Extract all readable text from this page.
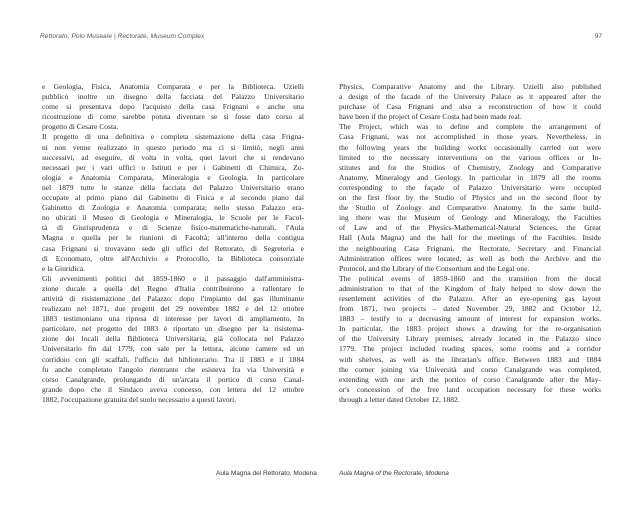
Rettorato, Polo Museale | Rectorate, Museum Complex	97
e Geologia, Fisica, Anatomia Comparata e per la Biblioteca. Uzielli
pubblicò inoltre un disegno della facciata del Palazzo Universitario
come si presentava dopo l'acquisto della casa Frignani e anche una
ricostruzione di come sarebbe potuta diventare se si fosse dato corso al
progetto di Cesare Costa.
Il progetto di una definitiva e completa sistemazione della casa Frigna-
ni non venne realizzato in questo periodo ma ci si limitò, negli anni
successivi, ad eseguire, di volta in volta, quei lavori che si rendevano
necessari per i vari uffici o Istituti e per i Gabinetti di Chimica, Zo-
ologia e Anatomia Comparata, Mineralogia e Geologia. In particolare
nel 1879 tutte le stanze della facciata del Palazzo Universitario erano
occupate al primo piano dal Gabinetto di Fisica e al secondo piano dal
Gabinetto di Zoologia e Anatomia comparata; nello stesso Palazzo era-
no ubicati il Museo di Geologia e Mineralogia, le Scuole per le Facol-
tà di Giurisprudenza e di Scienze fisico-matematiche-naturali, l'Aula
Magna e quella per le riunioni di Facoltà; all'interno della contigua
casa Frignani si trovavano sede gli uffici del Rettorato, di Segreteria e
di Economato, oltre all'Archivio e Protocollo, la Biblioteca consorziale
e la Giuridica.
Gli avvenimenti politici del 1859-1860 e il passaggio dall'amministra-
zione ducale a quella del Regno d'Italia contribuirono a rallentare le
attività di risistemazione del Palazzo: dopo l'impianto del gas illuminante
realizzato nel 1871, due progetti del 29 novembre 1882 e del 12 ottobre
1883 testimoniano una ripresa di interesse per lavori di ampliamento. In
particolare, nel progetto del 1883 è riportato un disegno per la risistema-
zione dei locali della Biblioteca Universitaria, già collocata nel Palazzo
Universitario fin dal 1779, con sale per la lettura, alcune camere ed un
corridoio con gli scaffali, l'ufficio del bibliotecario. Tra il 1883 e il 1884
fu anche completato l'angolo rientrante che esisteva fra via Università e
corso Canalgrande, prolungando di un'arcata il portico di corso Canal-
grande dopo che il Sindaco aveva concesso, con lettera del 12 ottobre
1882, l'occupazione gratuita del suolo necessario a questi lavori.
Physics, Comparative Anatomy and the Library. Uzielli also published
a design of the facade of the University Palace as it appeared after the
purchase of Casa Frignani and also a reconstruction of how it could
have been if the project of Cesare Costa had been made real.
The Project, which was to define and complete the arrangement of
Casa Frignani, was not accomplished in those years. Nevertheless, in
the following years the building works occasionally carried out were
limited to the necessary interventions on the various offices or In-
stitutes and for the Studios of Chemistry, Zoology and Comparative
Anatomy, Mineralogy and Geology. In particular in 1879 all the rooms
corresponding to the façade of Palazzo Universitario were occupied
on the first floor by the Studio of Physics and on the second floor by
the Studio of Zoology and Comparative Anatomy. In the same build-
ing there was the Museum of Geology and Mineralogy, the Faculties
of Law and of the Physics-Mathematical-Natural Sciences, the Great
Hall (Aula Magna) and the hall for the meetings of the Faculties. Inside
the neighbouring Casa Frignani, the Rectorate, Secretary and Financial
Administration offices were located, as well as both the Archive and the
Protocol, and the Library of the Consortium and the Legal one.
The political events of 1859-1860 and the transition from the ducal
administration to that of the Kingdom of Italy helped to slow down the
resettlement activities of the Palazzo. After an eye-opening gas layout
from 1871, two projects – dated November 29, 1882 and October 12,
1883 – testify to a decreasing amount of interest for expansion works.
In particular, the 1883 project shows a drawing for the re-organisation
of the University Library premises, already located in the Palazzo since
1779. The project included reading spaces, some rooms and a corridor
with shelves, as well as the librarian's office. Between 1883 and 1884
the corner joining via Università and corso Canalgrande was completed,
extending with one arch the portico of corso Canalgrande after the May-
or's concession of the free land occupation necessary for these works
through a letter dated October 12, 1882.
Aula Magna del Rettorato, Modena	Aula Magna of the Rectorate, Modena
